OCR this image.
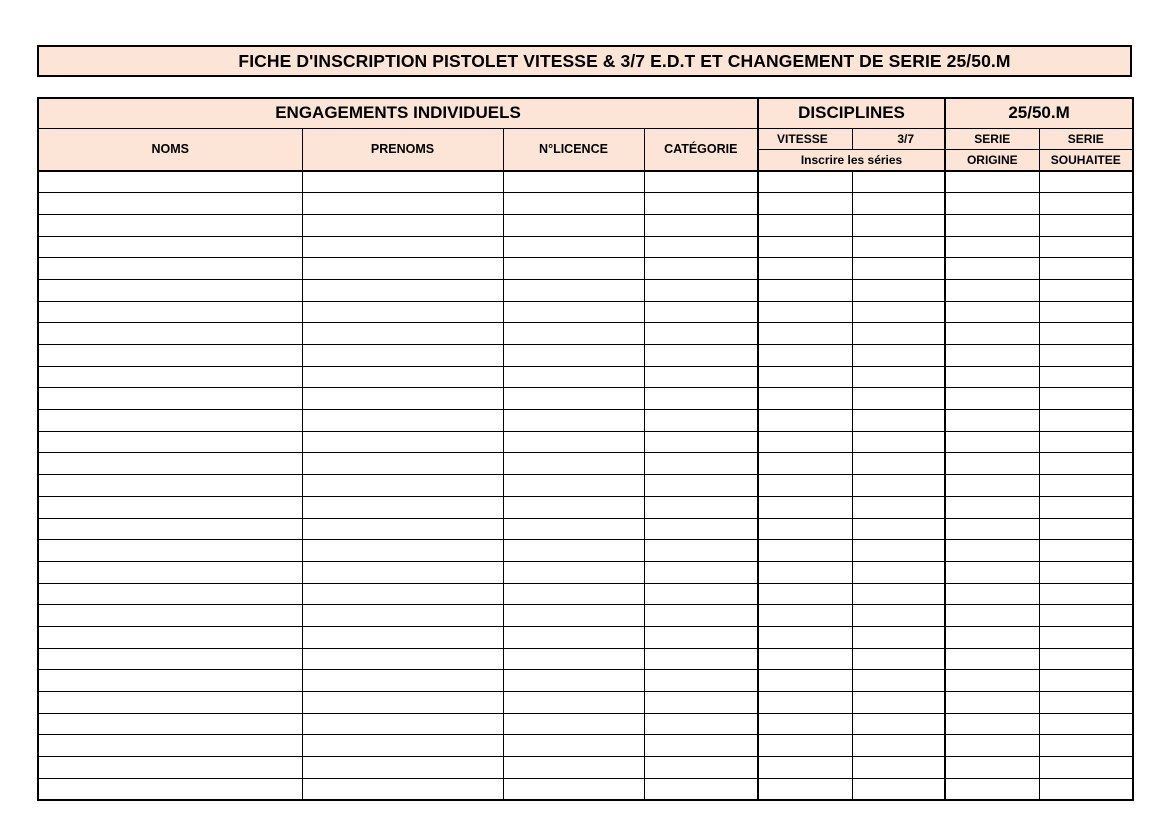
FICHE D'INSCRIPTION PISTOLET VITESSE & 3/7 E.D.T ET CHANGEMENT DE SERIE 25/50.M
ENGAGEMENTS INDIVIDUELS				DISCIPLINES		25/50.M	
NOMS	PRENOMS	N°LICENCE	CATÉGORIE	VITESSE	3/7	SERIE	SERIE
				Inscrire les séries		ORIGINE	SOUHAITEE
